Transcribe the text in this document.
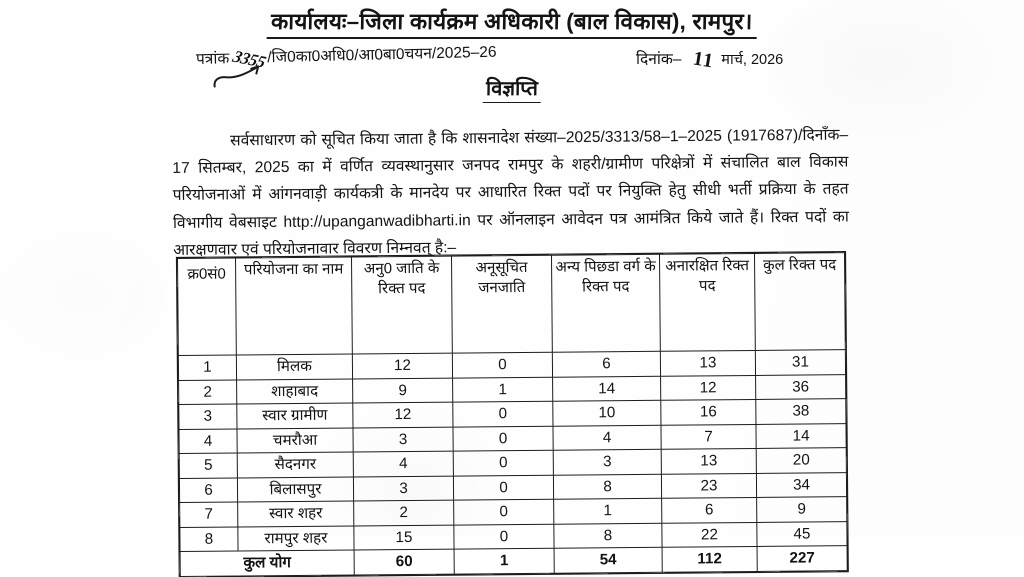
कार्यालयः–जिला कार्यक्रम अधिकारी (बाल विकास), रामपुर।
पत्रांक3355/जि0का0अधि0/आ0बा0चयन/2025–26	दिनांक– 11 मार्च, 2026
विज्ञप्ति

सर्वसाधारण को सूचित किया जाता है कि शासनादेश संख्या–2025/3313/58–1–2025 (1917687)/दिनॉंक–17 सितम्बर, 2025 का में वर्णित व्यवस्थानुसार जनपद रामपुर के शहरी/ग्रामीण परिक्षेत्रों में संचालित बाल विकास परियोजनाओं में आंगनवाड़ी कार्यकत्री के मानदेय पर आधारित रिक्त पदों पर नियुक्ति हेतु सीधी भर्ती प्रक्रिया के तहत विभागीय वेबसाइट http://upanganwadibharti.in पर ऑनलाइन आवेदन पत्र आमंत्रित किये जाते हैं। रिक्त पदों का आरक्षणवार एवं परियोजनावार विवरण निम्नवत् है:–

क्र0सं0	परियोजना का नाम	अनु0 जाति के रिक्त पद	अनूसूचित जनजाति	अन्य पिछडा वर्ग के रिक्त पद	अनारक्षित रिक्त पद	कुल रिक्त पद
1	मिलक	12	0	6	13	31
2	शाहाबाद	9	1	14	12	36
3	स्वार ग्रामीण	12	0	10	16	38
4	चमरौआ	3	0	4	7	14
5	सैदनगर	4	0	3	13	20
6	बिलासपुर	3	0	8	23	34
7	स्वार शहर	2	0	1	6	9
8	रामपुर शहर	15	0	8	22	45
कुल योग		60	1	54	112	227
